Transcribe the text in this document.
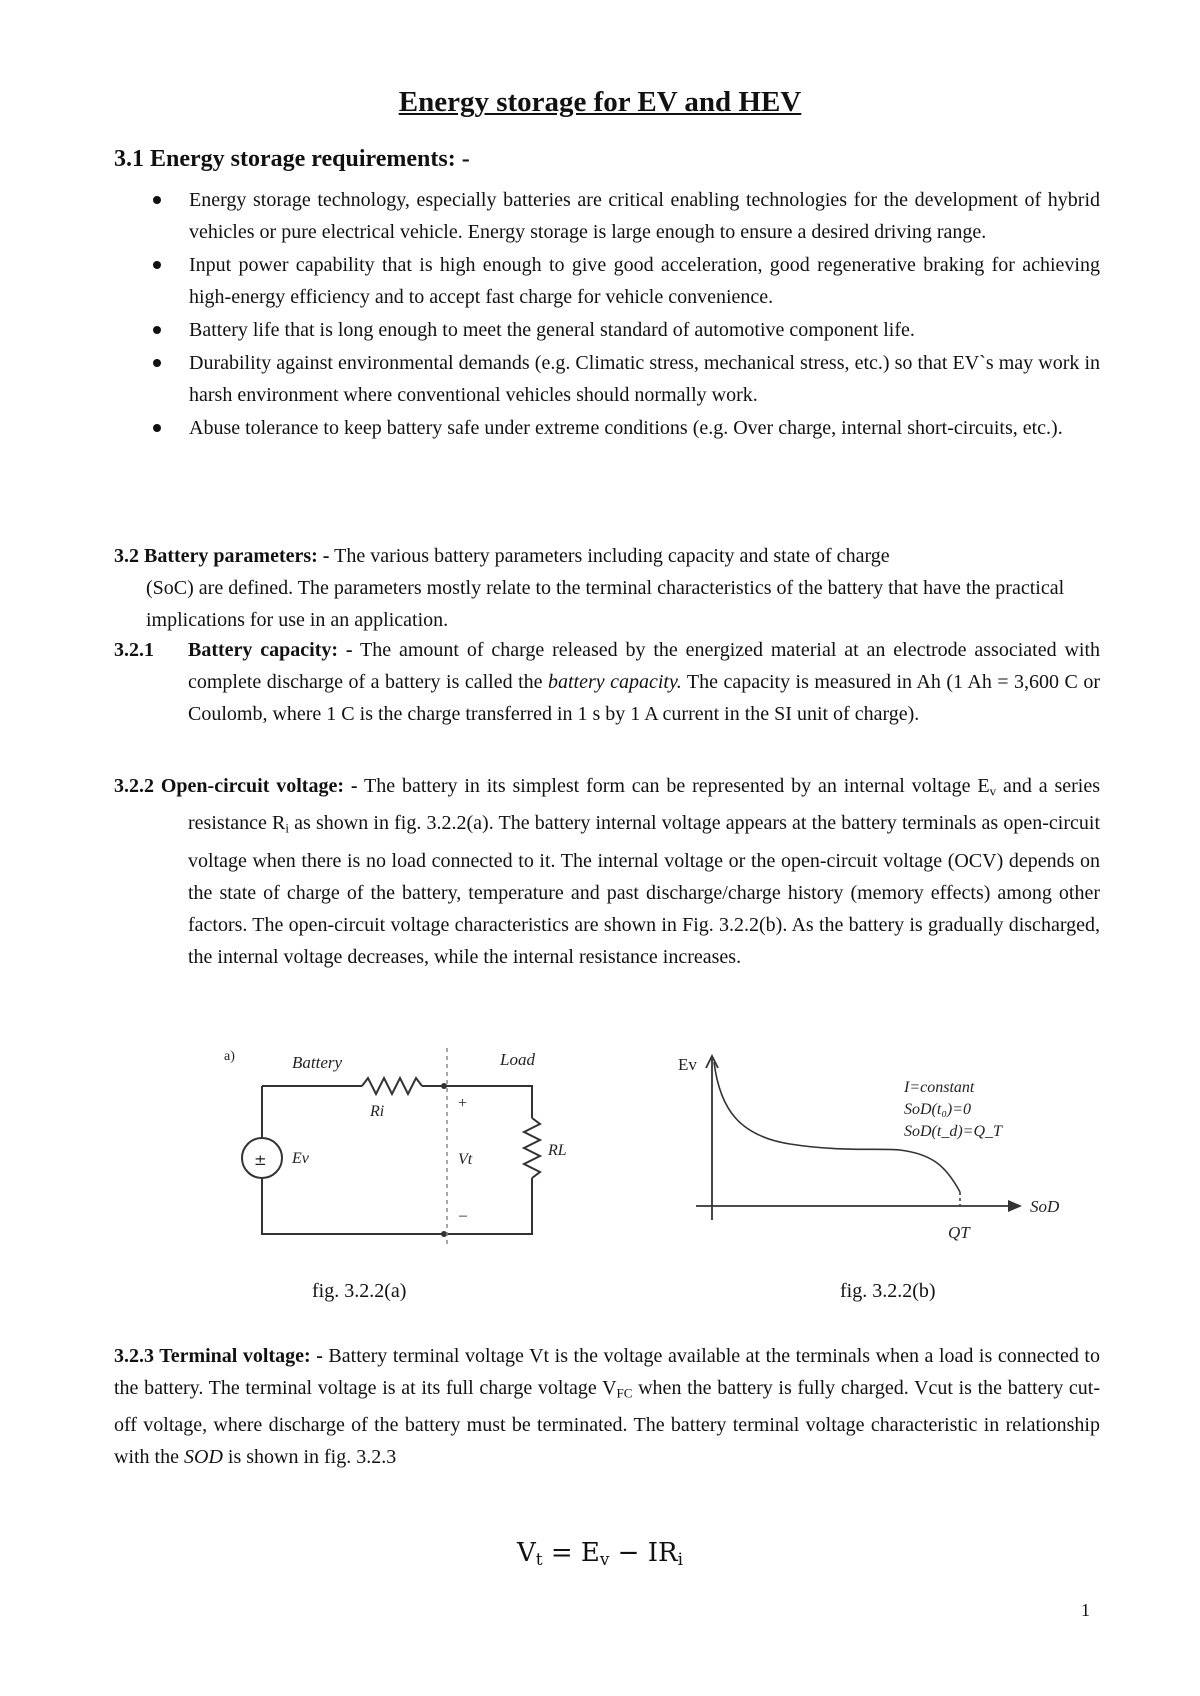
Energy storage for EV and HEV
3.1 Energy storage requirements: -
Energy storage technology, especially batteries are critical enabling technologies for the development of hybrid vehicles or pure electrical vehicle. Energy storage is large enough to ensure a desired driving range.
Input power capability that is high enough to give good acceleration, good regenerative braking for achieving high-energy efficiency and to accept fast charge for vehicle convenience.
Battery life that is long enough to meet the general standard of automotive component life.
Durability against environmental demands (e.g. Climatic stress, mechanical stress, etc.) so that EV`s may work in harsh environment where conventional vehicles should normally work.
Abuse tolerance to keep battery safe under extreme conditions (e.g. Over charge, internal short-circuits, etc.).
3.2 Battery parameters: - The various battery parameters including capacity and state of charge
(SoC) are defined. The parameters mostly relate to the terminal characteristics of the battery that have the practical implications for use in an application.
3.2.1 Battery capacity: - The amount of charge released by the energized material at an electrode associated with complete discharge of a battery is called the battery capacity. The capacity is measured in Ah (1 Ah = 3,600 C or Coulomb, where 1 C is the charge transferred in 1 s by 1 A current in the SI unit of charge).
3.2.2 Open-circuit voltage: - The battery in its simplest form can be represented by an internal voltage $E_v$ and a series resistance $R_i$ as shown in fig. 3.2.2(a). The battery internal voltage appears at the battery terminals as open-circuit voltage when there is no load connected to it. The internal voltage or the open-circuit voltage (OCV) depends on the state of charge of the battery, temperature and past discharge/charge history (memory effects) among other factors. The open-circuit voltage characteristics are shown in Fig. 3.2.2(b). As the battery is gradually discharged, the internal voltage decreases, while the internal resistance increases.
a)	Battery	Load
±
Ri
Ev
+
Vt
–
RL
Ev
SoD
QT
I=constant
SoD(t₀)=0
SoD(t_d)=Q_T
fig. 3.2.2(a)	fig. 3.2.2(b)
3.2.3 Terminal voltage: - Battery terminal voltage Vt is the voltage available at the terminals when a load is connected to the battery. The terminal voltage is at its full charge voltage $V_{FC}$ when the battery is fully charged. Vcut is the battery cut-off voltage, where discharge of the battery must be terminated. The battery terminal voltage characteristic in relationship with the SOD is shown in fig. 3.2.3
$V_t = E_v - IR_i$
1
